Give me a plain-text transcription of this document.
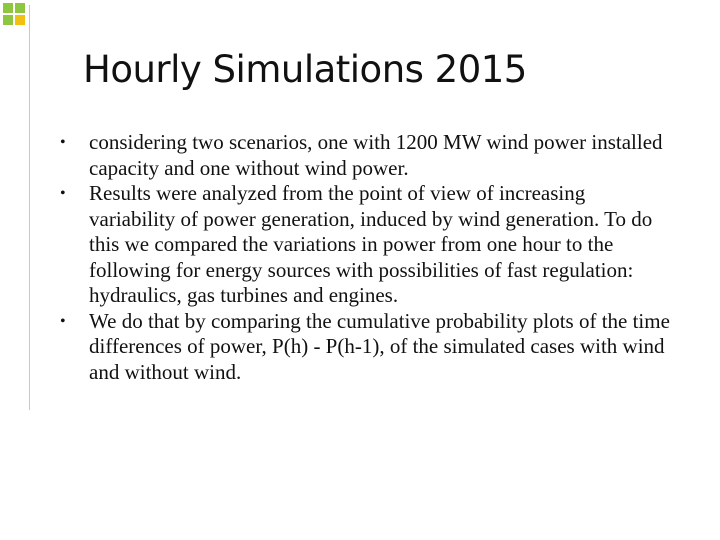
Hourly Simulations 2015
• considering two scenarios, one with 1200 MW wind power installed capacity and one without wind power.
• Results were analyzed from the point of view of increasing variability of power generation, induced by wind generation. To do this we compared the variations in power from one hour to the following for energy sources with possibilities of fast regulation: hydraulics, gas turbines and engines.
• We do that by comparing the cumulative probability plots of the time differences of power, P(h) - P(h-1), of the simulated cases with wind and without wind.
